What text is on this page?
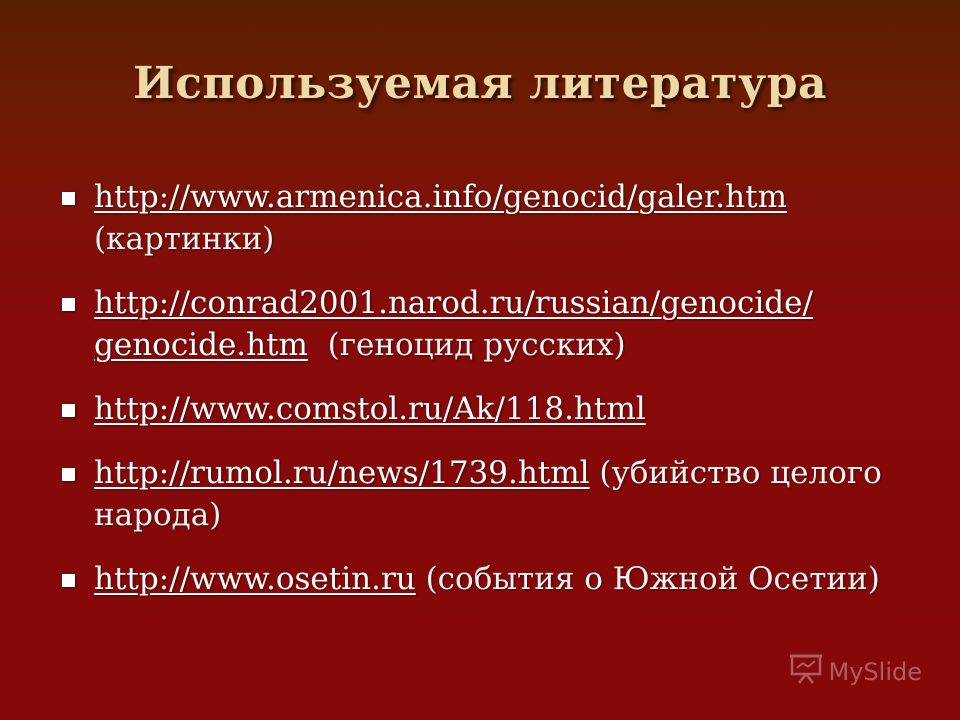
Используемая литература
http://www.armenica.info/genocid/galer.htm (картинки)
http://conrad2001.narod.ru/russian/genocide/ genocide.htm  (геноцид русских)
http://www.comstol.ru/Ak/118.html
http://rumol.ru/news/1739.html (убийство целого народа)
http://www.osetin.ru (события о Южной Осетии)
MySlide
